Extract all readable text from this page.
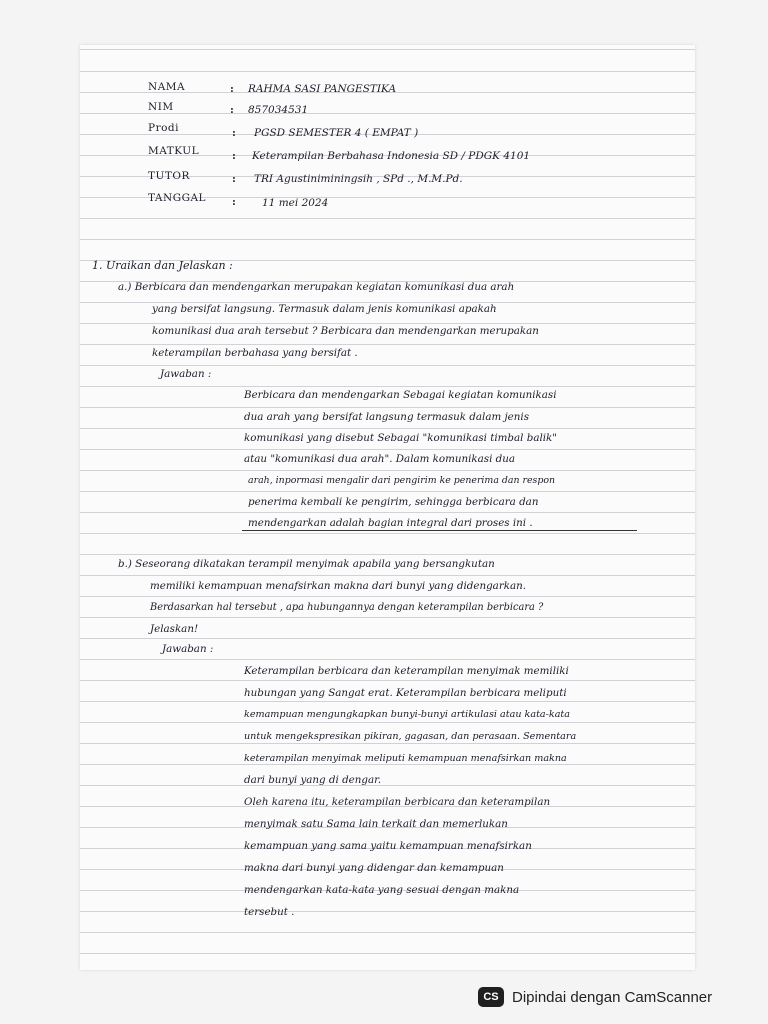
NAMA	: RAHMA SASI PANGESTIKA
NIM	: 857034531
Prodi	: PGSD SEMESTER 4 ( EMPAT )
MATKUL	: Keterampilan Berbahasa Indonesia SD / PDGK 4101
TUTOR	: TRI Agustiniminingsih , SPd ., M.M.Pd.
TANGGAL : 11 mei 2024
1. Uraikan dan Jelaskan :
a.) Berbicara dan mendengarkan merupakan kegiatan komunikasi dua arah
yang bersifat langsung. Termasuk dalam jenis komunikasi apakah
komunikasi dua arah tersebut ? Berbicara dan mendengarkan merupakan
keterampilan berbahasa yang bersifat .
Jawaban :
Berbicara dan mendengarkan Sebagai kegiatan komunikasi
dua arah yang bersifat langsung termasuk dalam jenis
komunikasi yang disebut Sebagai "komunikasi timbal balik"
atau "komunikasi dua arah". Dalam komunikasi dua
arah, inpormasi mengalir dari pengirim ke penerima dan respon
penerima kembali ke pengirim, sehingga berbicara dan
mendengarkan adalah bagian integral dari proses ini .
b.) Seseorang dikatakan terampil menyimak apabila yang bersangkutan
memiliki kemampuan menafsirkan makna dari bunyi yang didengarkan.
Berdasarkan hal tersebut , apa hubungannya dengan keterampilan berbicara ?
Jelaskan!
Jawaban :
Keterampilan berbicara dan keterampilan menyimak memiliki
hubungan yang Sangat erat. Keterampilan berbicara meliputi
kemampuan mengungkapkan bunyi-bunyi artikulasi atau kata-kata
untuk mengekspresikan pikiran, gagasan, dan perasaan. Sementara
keterampilan menyimak meliputi kemampuan menafsirkan makna
dari bunyi yang di dengar.
Oleh karena itu, keterampilan berbicara dan keterampilan
menyimak satu Sama lain terkait dan memerlukan
kemampuan yang sama yaitu kemampuan menafsirkan
makna dari bunyi yang didengar dan kemampuan
mendengarkan kata-kata yang sesuai dengan makna
tersebut .
CS Dipindai dengan CamScanner
